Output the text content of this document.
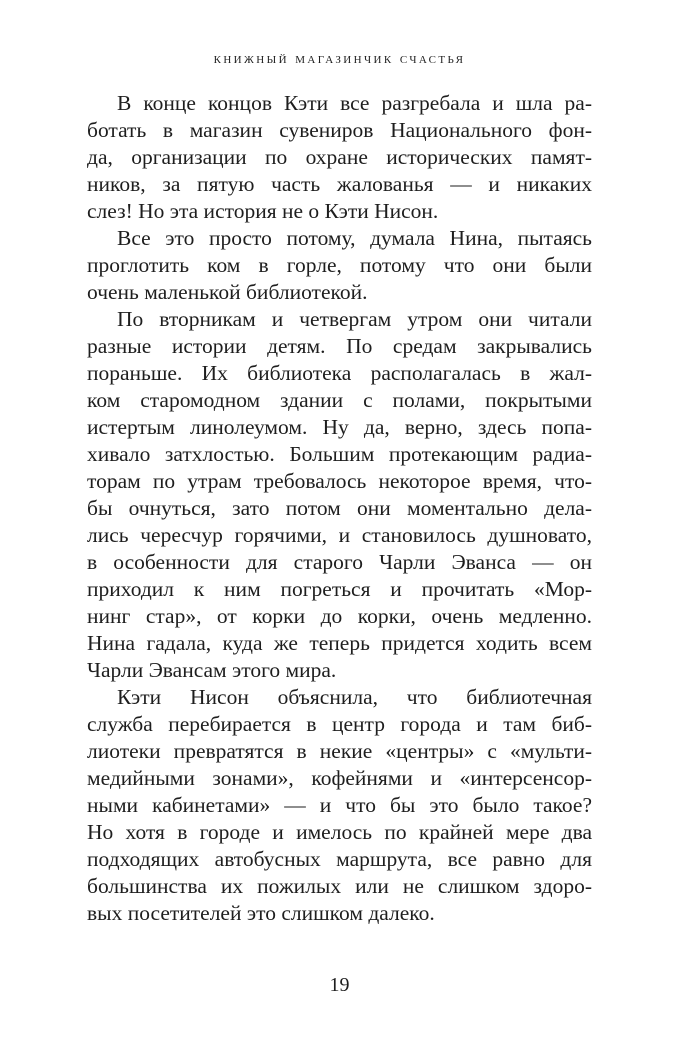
книжный магазинчик счастья
В конце концов Кэти все разгребала и шла ра-
ботать в магазин сувениров Национального фон-
да, организации по охране исторических памят-
ников, за пятую часть жалованья — и никаких
слез! Но эта история не о Кэти Нисон.
Все это просто потому, думала Нина, пытаясь
проглотить ком в горле, потому что они были
очень маленькой библиотекой.
По вторникам и четвергам утром они читали
разные истории детям. По средам закрывались
пораньше. Их библиотека располагалась в жал-
ком старомодном здании с полами, покрытыми
истертым линолеумом. Ну да, верно, здесь попа-
хивало затхлостью. Большим протекающим радиа-
торам по утрам требовалось некоторое время, что-
бы очнуться, зато потом они моментально дела-
лись чересчур горячими, и становилось душновато,
в особенности для старого Чарли Эванса — он
приходил к ним погреться и прочитать «Мор-
нинг стар», от корки до корки, очень медленно.
Нина гадала, куда же теперь придется ходить всем
Чарли Эвансам этого мира.
Кэти Нисон объяснила, что библиотечная
служба перебирается в центр города и там биб-
лиотеки превратятся в некие «центры» с «мульти-
медийными зонами», кофейнями и «интерсенсор-
ными кабинетами» — и что бы это было такое?
Но хотя в городе и имелось по крайней мере два
подходящих автобусных маршрута, все равно для
большинства их пожилых или не слишком здоро-
вых посетителей это слишком далеко.
19
